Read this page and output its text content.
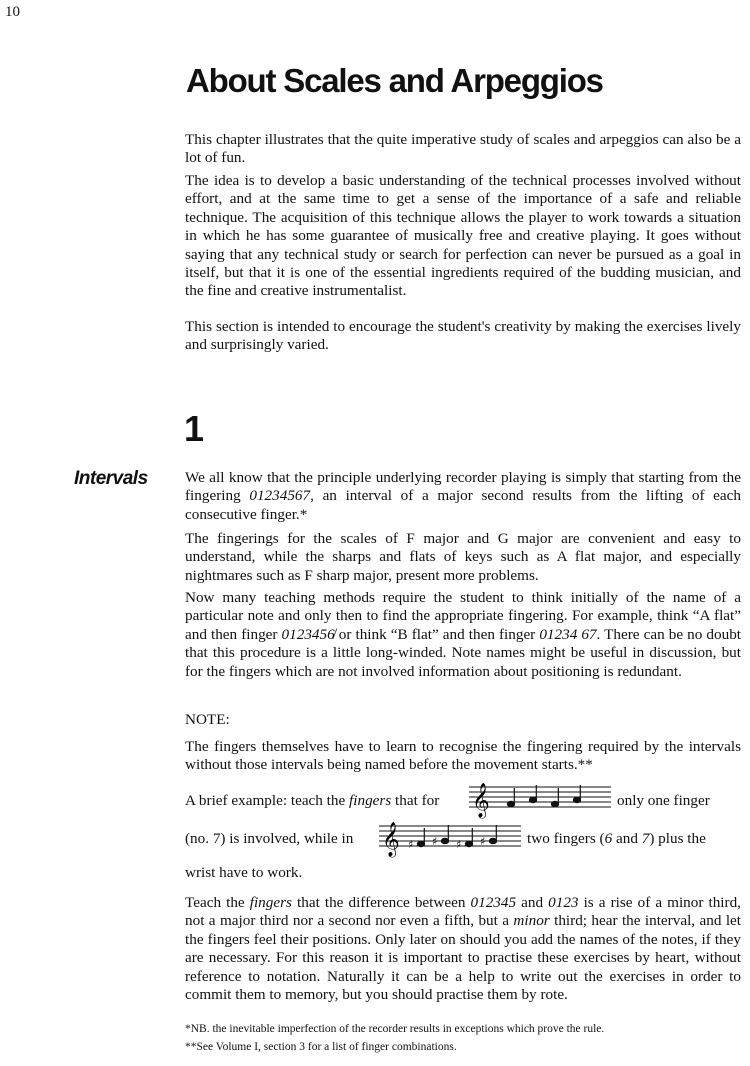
10
About Scales and Arpeggios

This chapter illustrates that the quite imperative study of scales and arpeggios can also be a lot of fun.

The idea is to develop a basic understanding of the technical processes involved without effort, and at the same time to get a sense of the importance of a safe and reliable technique. The acquisition of this technique allows the player to work towards a situation in which he has some guarantee of musically free and creative playing. It goes without saying that any technical study or search for perfection can never be pursued as a goal in itself, but that it is one of the essential ingredients required of the budding musician, and the fine and creative instrumentalist.

This section is intended to encourage the student's creativity by making the exercises lively and surprisingly varied.

1
Intervals We all know that the principle underlying recorder playing is simply that starting from the fingering 01234567, an interval of a major second results from the lifting of each consecutive finger.*

The fingerings for the scales of F major and G major are convenient and easy to understand, while the sharps and flats of keys such as A flat major, and especially nightmares such as F sharp major, present more problems.

Now many teaching methods require the student to think initially of the name of a particular note and only then to find the appropriate fingering. For example, think “A flat” and then finger 0123456̸ or think “B flat” and then finger 01234 67. There can be no doubt that this procedure is a little long-winded. Note names might be useful in discussion, but for the fingers which are not involved information about positioning is redundant.

NOTE:

The fingers themselves have to learn to recognise the fingering required by the intervals without those intervals being named before the movement starts.**

A brief example: teach the fingers that for 𝄞	only one finger
(no. 7) is involved, while in 𝄞 ♯ ♯ ♯ ♯	two fingers (6 and 7) plus the
wrist have to work.

Teach the fingers that the difference between 012345 and 0123 is a rise of a minor third, not a major third nor a second nor even a fifth, but a minor third; hear the interval, and let the fingers feel their positions. Only later on should you add the names of the notes, if they are necessary. For this reason it is important to practise these exercises by heart, without reference to notation. Naturally it can be a help to write out the exercises in order to commit them to memory, but you should practise them by rote.

*NB. the inevitable imperfection of the recorder results in exceptions which prove the rule.
**See Volume I, section 3 for a list of finger combinations.
